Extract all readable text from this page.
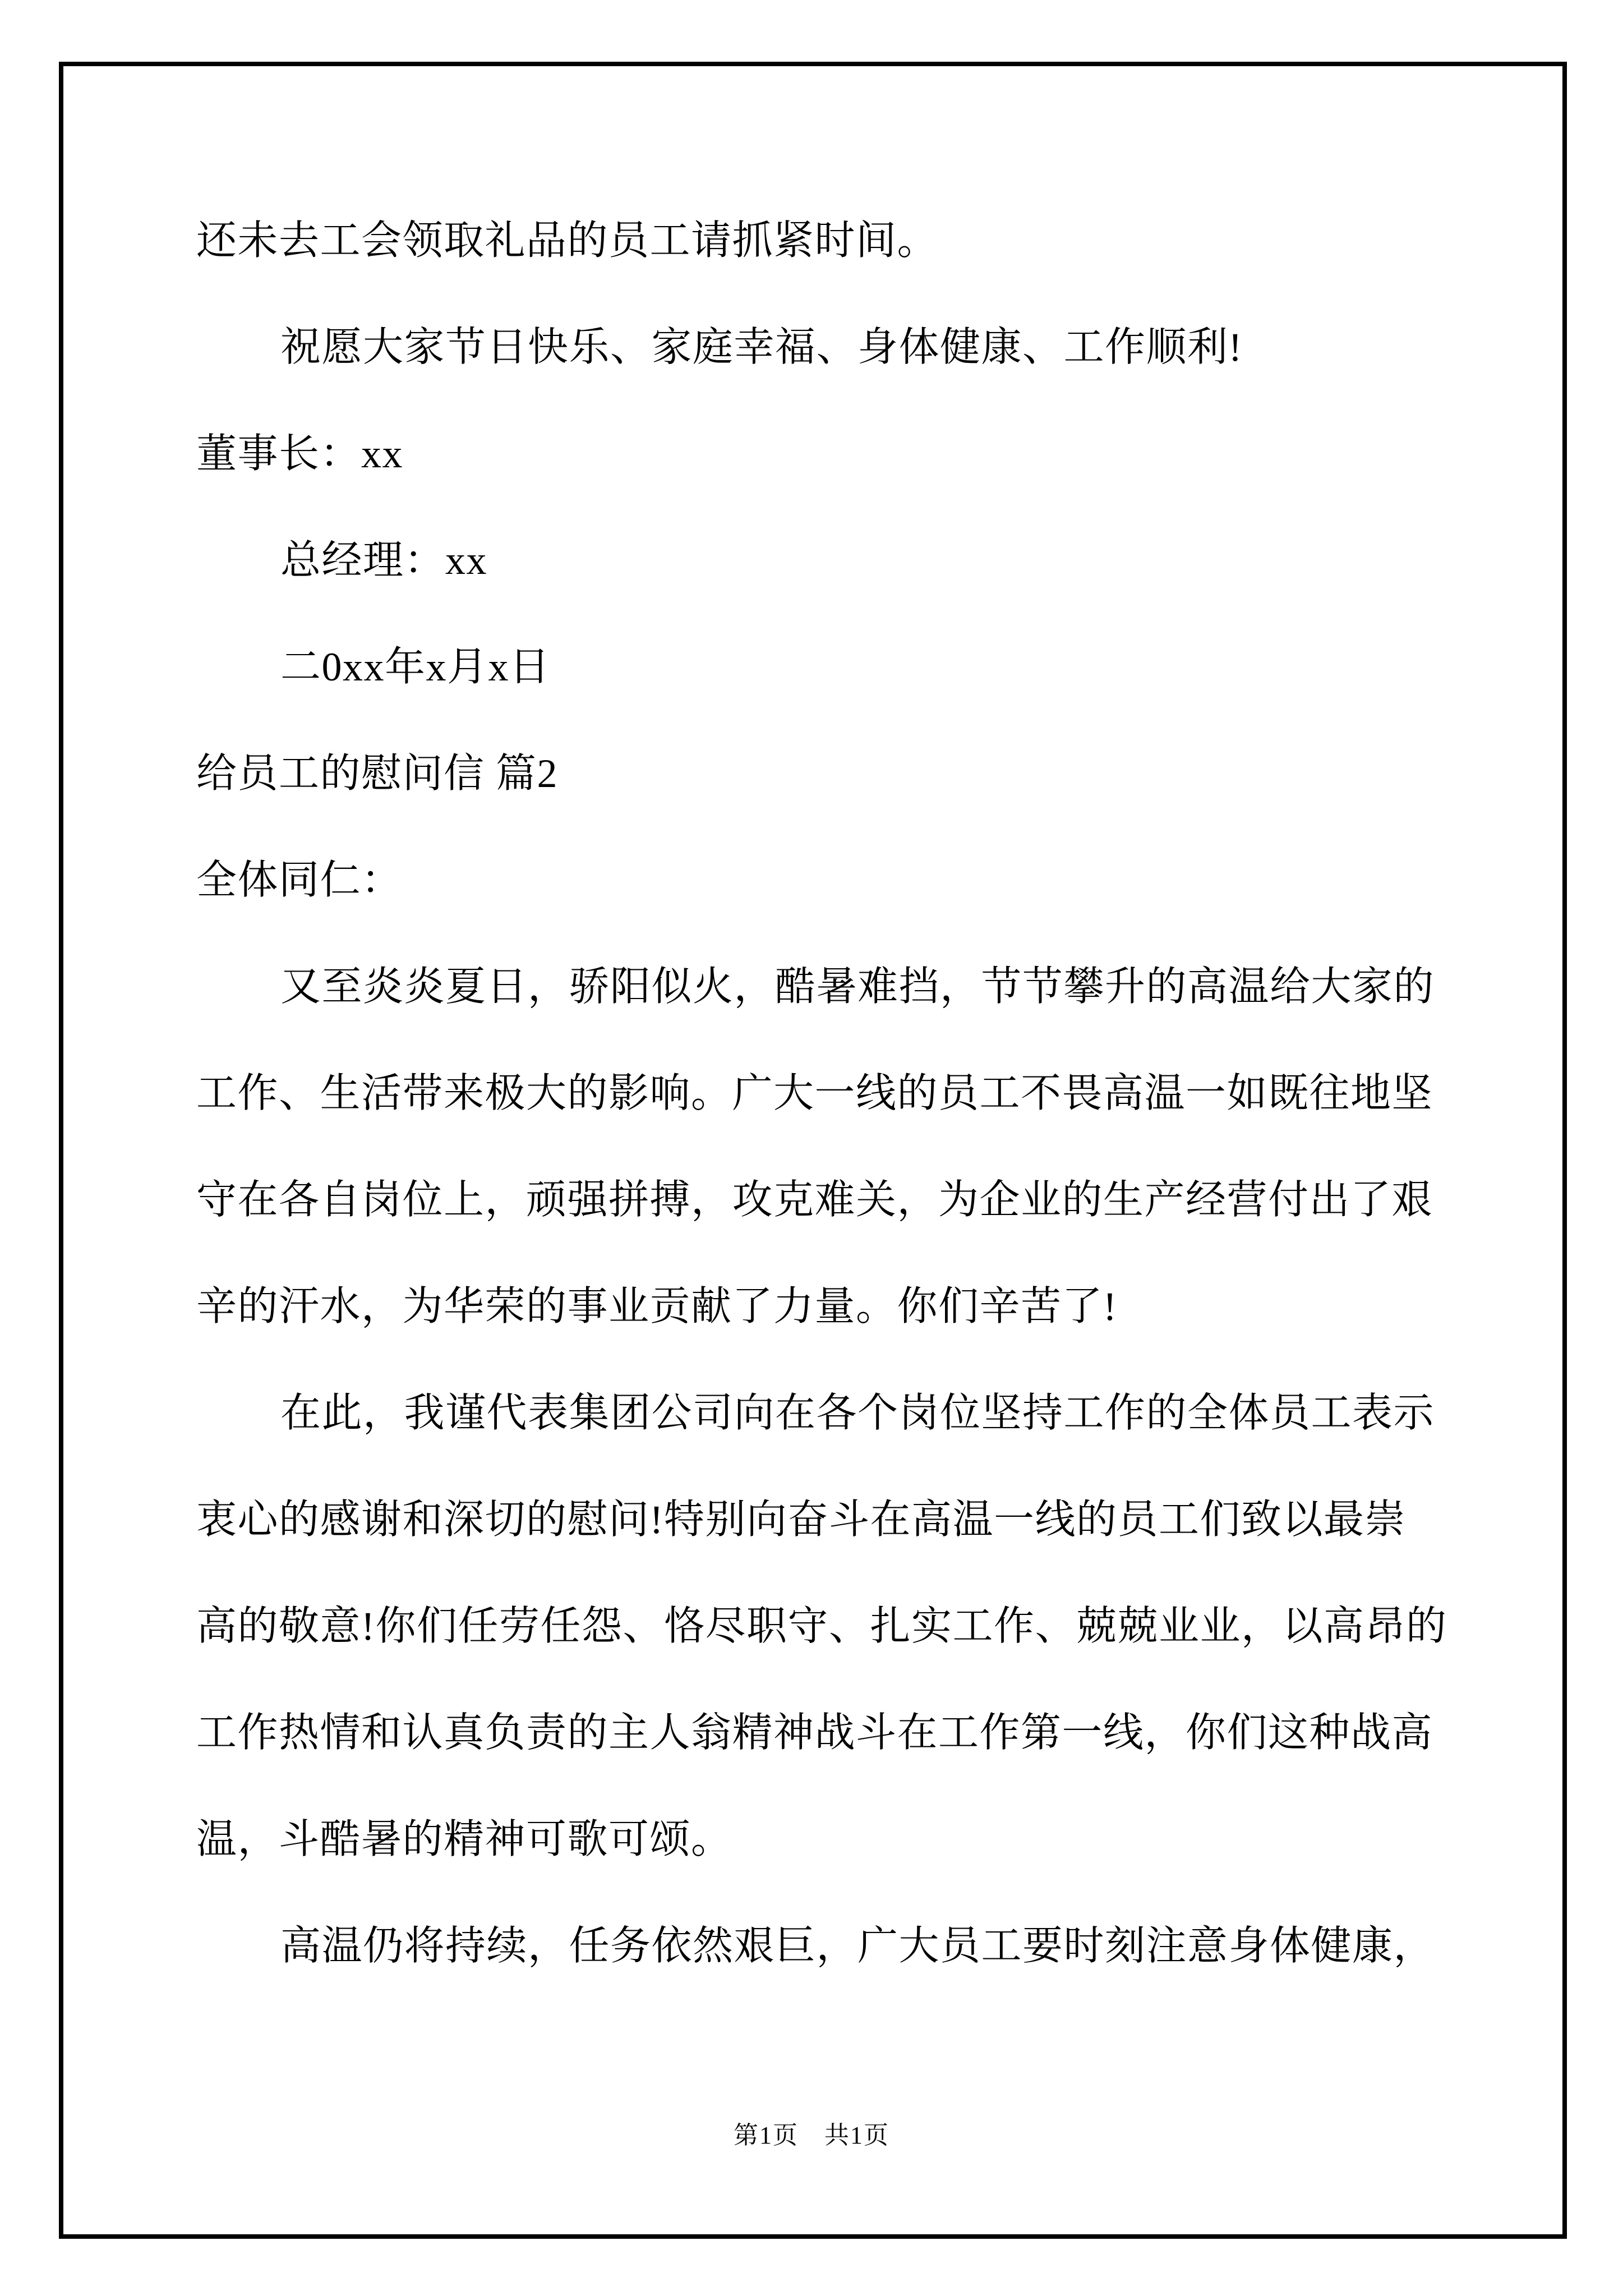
还未去工会领取礼品的员工请抓紧时间。

祝愿大家节日快乐、家庭幸福、身体健康、工作顺利!

董事长：xx

总经理：xx

二0xx年x月x日

给员工的慰问信 篇2

全体同仁：

又至炎炎夏日，骄阳似火，酷暑难挡，节节攀升的高温给大家的

工作、生活带来极大的影响。广大一线的员工不畏高温一如既往地坚

守在各自岗位上，顽强拼搏，攻克难关，为企业的生产经营付出了艰

辛的汗水，为华荣的事业贡献了力量。你们辛苦了!

在此，我谨代表集团公司向在各个岗位坚持工作的全体员工表示

衷心的感谢和深切的慰问!特别向奋斗在高温一线的员工们致以最崇

高的敬意!你们任劳任怨、恪尽职守、扎实工作、兢兢业业，以高昂的

工作热情和认真负责的主人翁精神战斗在工作第一线，你们这种战高

温，斗酷暑的精神可歌可颂。

高温仍将持续，任务依然艰巨，广大员工要时刻注意身体健康，

第1页　共1页
